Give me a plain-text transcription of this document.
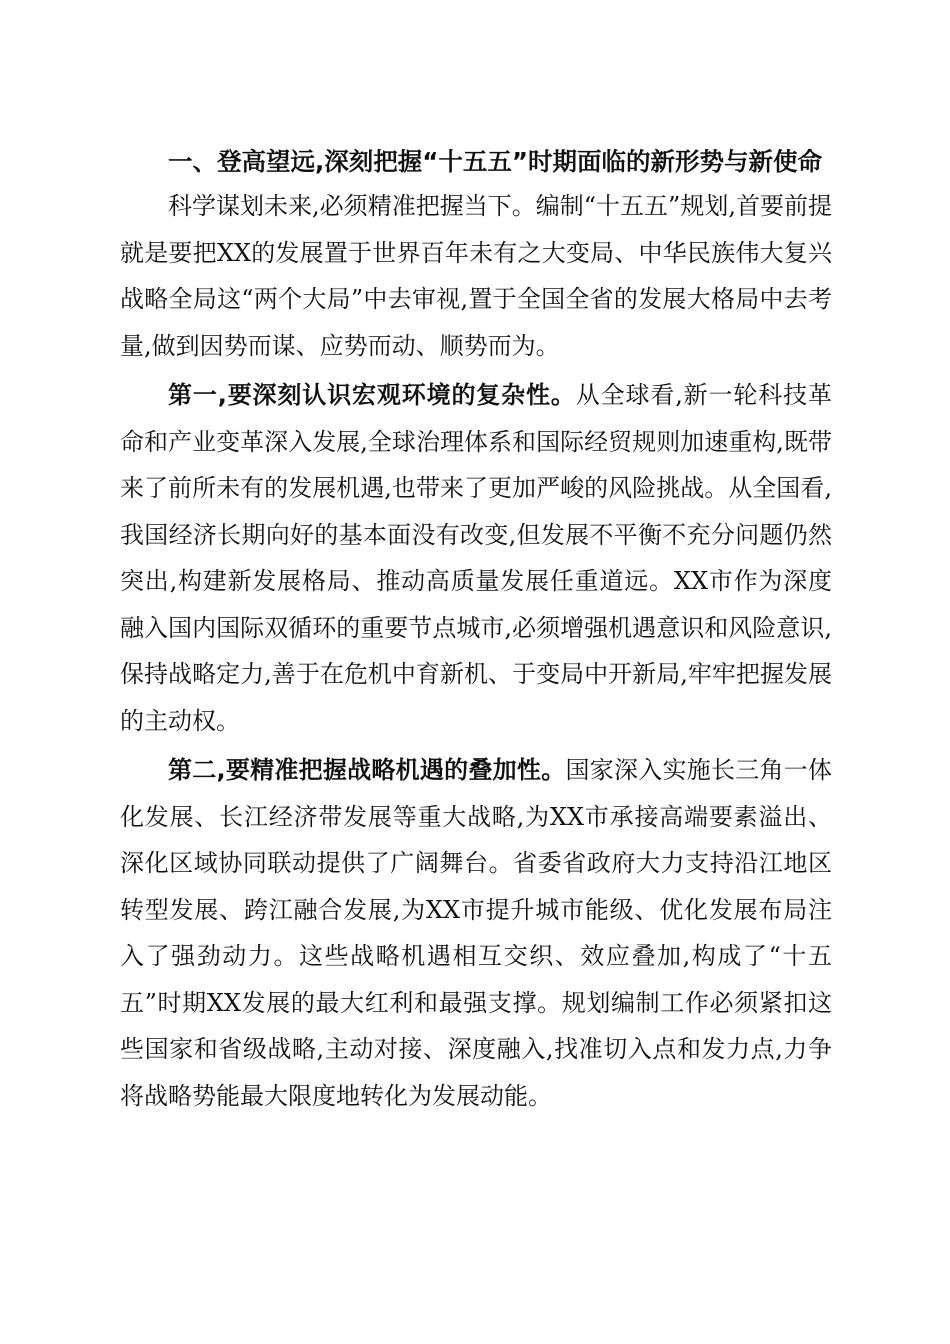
一、登高望远,深刻把握“十五五”时期面临的新形势与新使命

科学谋划未来,必须精准把握当下。编制“十五五”规划,首要前提就是要把XX的发展置于世界百年未有之大变局、中华民族伟大复兴战略全局这“两个大局”中去审视,置于全国全省的发展大格局中去考量,做到因势而谋、应势而动、顺势而为。

第一,要深刻认识宏观环境的复杂性。从全球看,新一轮科技革命和产业变革深入发展,全球治理体系和国际经贸规则加速重构,既带来了前所未有的发展机遇,也带来了更加严峻的风险挑战。从全国看,我国经济长期向好的基本面没有改变,但发展不平衡不充分问题仍然突出,构建新发展格局、推动高质量发展任重道远。XX市作为深度融入国内国际双循环的重要节点城市,必须增强机遇意识和风险意识,保持战略定力,善于在危机中育新机、于变局中开新局,牢牢把握发展的主动权。

第二,要精准把握战略机遇的叠加性。国家深入实施长三角一体化发展、长江经济带发展等重大战略,为XX市承接高端要素溢出、深化区域协同联动提供了广阔舞台。省委省政府大力支持沿江地区转型发展、跨江融合发展,为XX市提升城市能级、优化发展布局注入了强劲动力。这些战略机遇相互交织、效应叠加,构成了“十五五”时期XX发展的最大红利和最强支撑。规划编制工作必须紧扣这些国家和省级战略,主动对接、深度融入,找准切入点和发力点,力争将战略势能最大限度地转化为发展动能。
